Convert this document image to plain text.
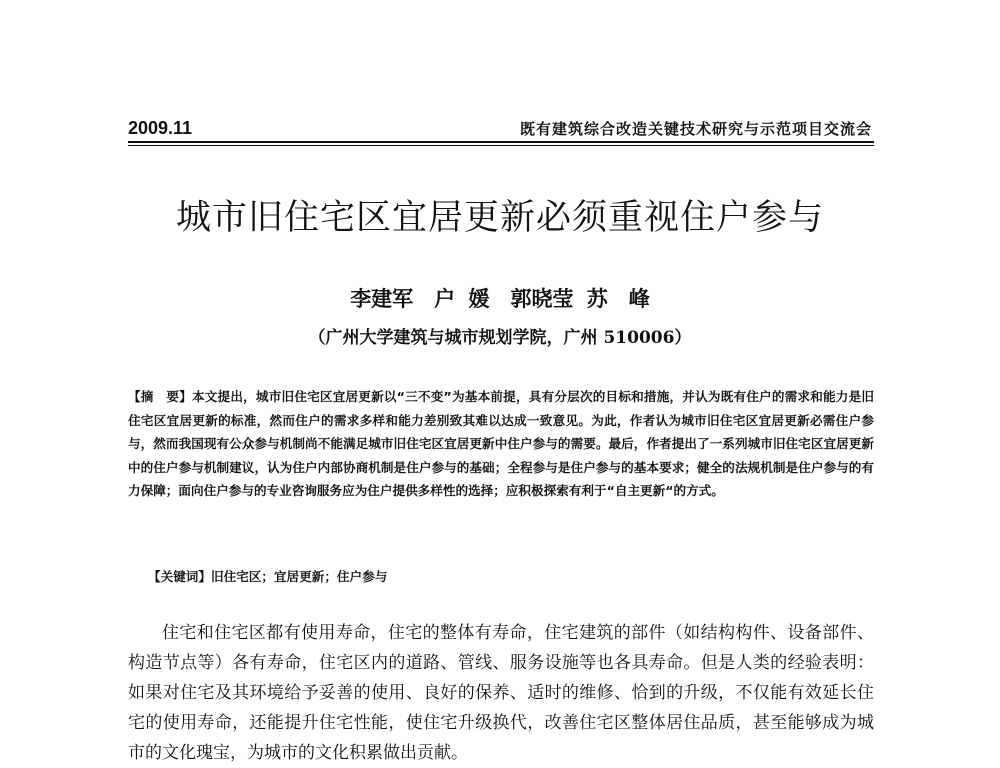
2009.11	既有建筑综合改造关键技术研究与示范项目交流会
城市旧住宅区宜居更新必须重视住户参与
李建军　户 媛　郭晓莹 苏　峰
（广州大学建筑与城市规划学院，广州 510006）

【摘　要】本文提出，城市旧住宅区宜居更新以“三不变”为基本前提，具有分层次的目标和措施，并认为既有住户的需求和能力是旧住宅区宜居更新的标准，然而住户的需求多样和能力差别致其难以达成一致意见。为此，作者认为城市旧住宅区宜居更新必需住户参与，然而我国现有公众参与机制尚不能满足城市旧住宅区宜居更新中住户参与的需要。最后，作者提出了一系列城市旧住宅区宜居更新中的住户参与机制建议，认为住户内部协商机制是住户参与的基础；全程参与是住户参与的基本要求；健全的法规机制是住户参与的有力保障；面向住户参与的专业咨询服务应为住户提供多样性的选择；应积极探索有利于“自主更新“的方式。

【关键词】旧住宅区；宜居更新；住户参与

住宅和住宅区都有使用寿命，住宅的整体有寿命，住宅建筑的部件（如结构构件、设备部件、构造节点等）各有寿命，住宅区内的道路、管线、服务设施等也各具寿命。但是人类的经验表明：如果对住宅及其环境给予妥善的使用、良好的保养、适时的维修、恰到的升级，不仅能有效延长住宅的使用寿命，还能提升住宅性能，使住宅升级换代，改善住宅区整体居住品质，甚至能够成为城市的文化瑰宝，为城市的文化积累做出贡献。
